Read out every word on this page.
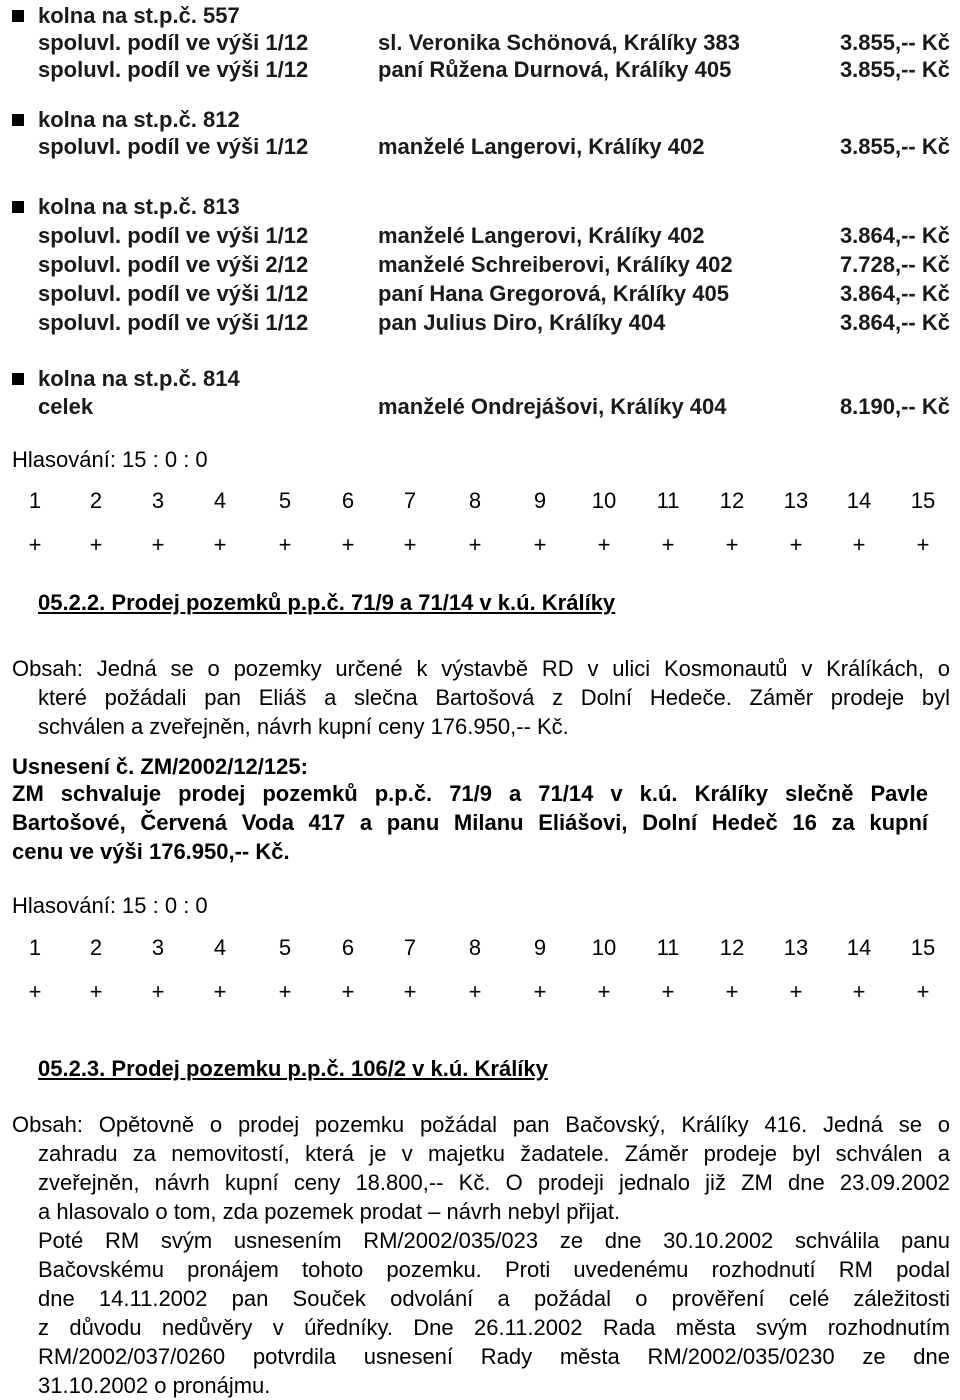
kolna na st.p.č. 557
spoluvl. podíl ve výši 1/12	sl. Veronika Schönová, Králíky 383	3.855,-- Kč
spoluvl. podíl ve výši 1/12	paní Růžena Durnová, Králíky 405	3.855,-- Kč
kolna na st.p.č. 812
spoluvl. podíl ve výši 1/12	manželé Langerovi, Králíky 402	3.855,-- Kč
kolna na st.p.č. 813
spoluvl. podíl ve výši 1/12	manželé Langerovi, Králíky 402	3.864,-- Kč
spoluvl. podíl ve výši 2/12	manželé Schreiberovi, Králíky 402	7.728,-- Kč
spoluvl. podíl ve výši 1/12	paní Hana Gregorová, Králíky 405	3.864,-- Kč
spoluvl. podíl ve výši 1/12	pan Julius Diro, Králíky 404	3.864,-- Kč
kolna na st.p.č. 814
celek	manželé Ondrejášovi, Králíky 404	8.190,-- Kč
Hlasování: 15 : 0 : 0
1	2	3	4	5	6	7	8	9	10	11	12	13	14	15
+	+	+	+	+	+	+	+	+	+	+	+	+	+	+
05.2.2. Prodej pozemků p.p.č. 71/9 a 71/14 v k.ú. Králíky
Obsah: Jedná se o pozemky určené k výstavbě RD v ulici Kosmonautů v Králíkách, o
které požádali pan Eliáš a slečna Bartošová z Dolní Hedeče. Záměr prodeje byl
schválen a zveřejněn, návrh kupní ceny 176.950,-- Kč.
Usnesení č. ZM/2002/12/125:
ZM schvaluje prodej pozemků p.p.č. 71/9 a 71/14 v k.ú. Králíky slečně Pavle
Bartošové, Červená Voda 417 a panu Milanu Eliášovi, Dolní Hedeč 16 za kupní
cenu ve výši 176.950,-- Kč.
Hlasování: 15 : 0 : 0
1	2	3	4	5	6	7	8	9	10	11	12	13	14	15
+	+	+	+	+	+	+	+	+	+	+	+	+	+	+
05.2.3. Prodej pozemku p.p.č. 106/2 v k.ú. Králíky
Obsah: Opětovně o prodej pozemku požádal pan Bačovský, Králíky 416. Jedná se o
zahradu za nemovitostí, která je v majetku žadatele. Záměr prodeje byl schválen a
zveřejněn, návrh kupní ceny 18.800,-- Kč. O prodeji jednalo již ZM dne 23.09.2002
a hlasovalo o tom, zda pozemek prodat – návrh nebyl přijat.
Poté RM svým usnesením RM/2002/035/023 ze dne 30.10.2002 schválila panu
Bačovskému pronájem tohoto pozemku. Proti uvedenému rozhodnutí RM podal
dne 14.11.2002 pan Souček odvolání a požádal o prověření celé záležitosti
z důvodu nedůvěry v úředníky. Dne 26.11.2002 Rada města svým rozhodnutím
RM/2002/037/0260 potvrdila usnesení Rady města RM/2002/035/0230 ze dne
31.10.2002 o pronájmu.
